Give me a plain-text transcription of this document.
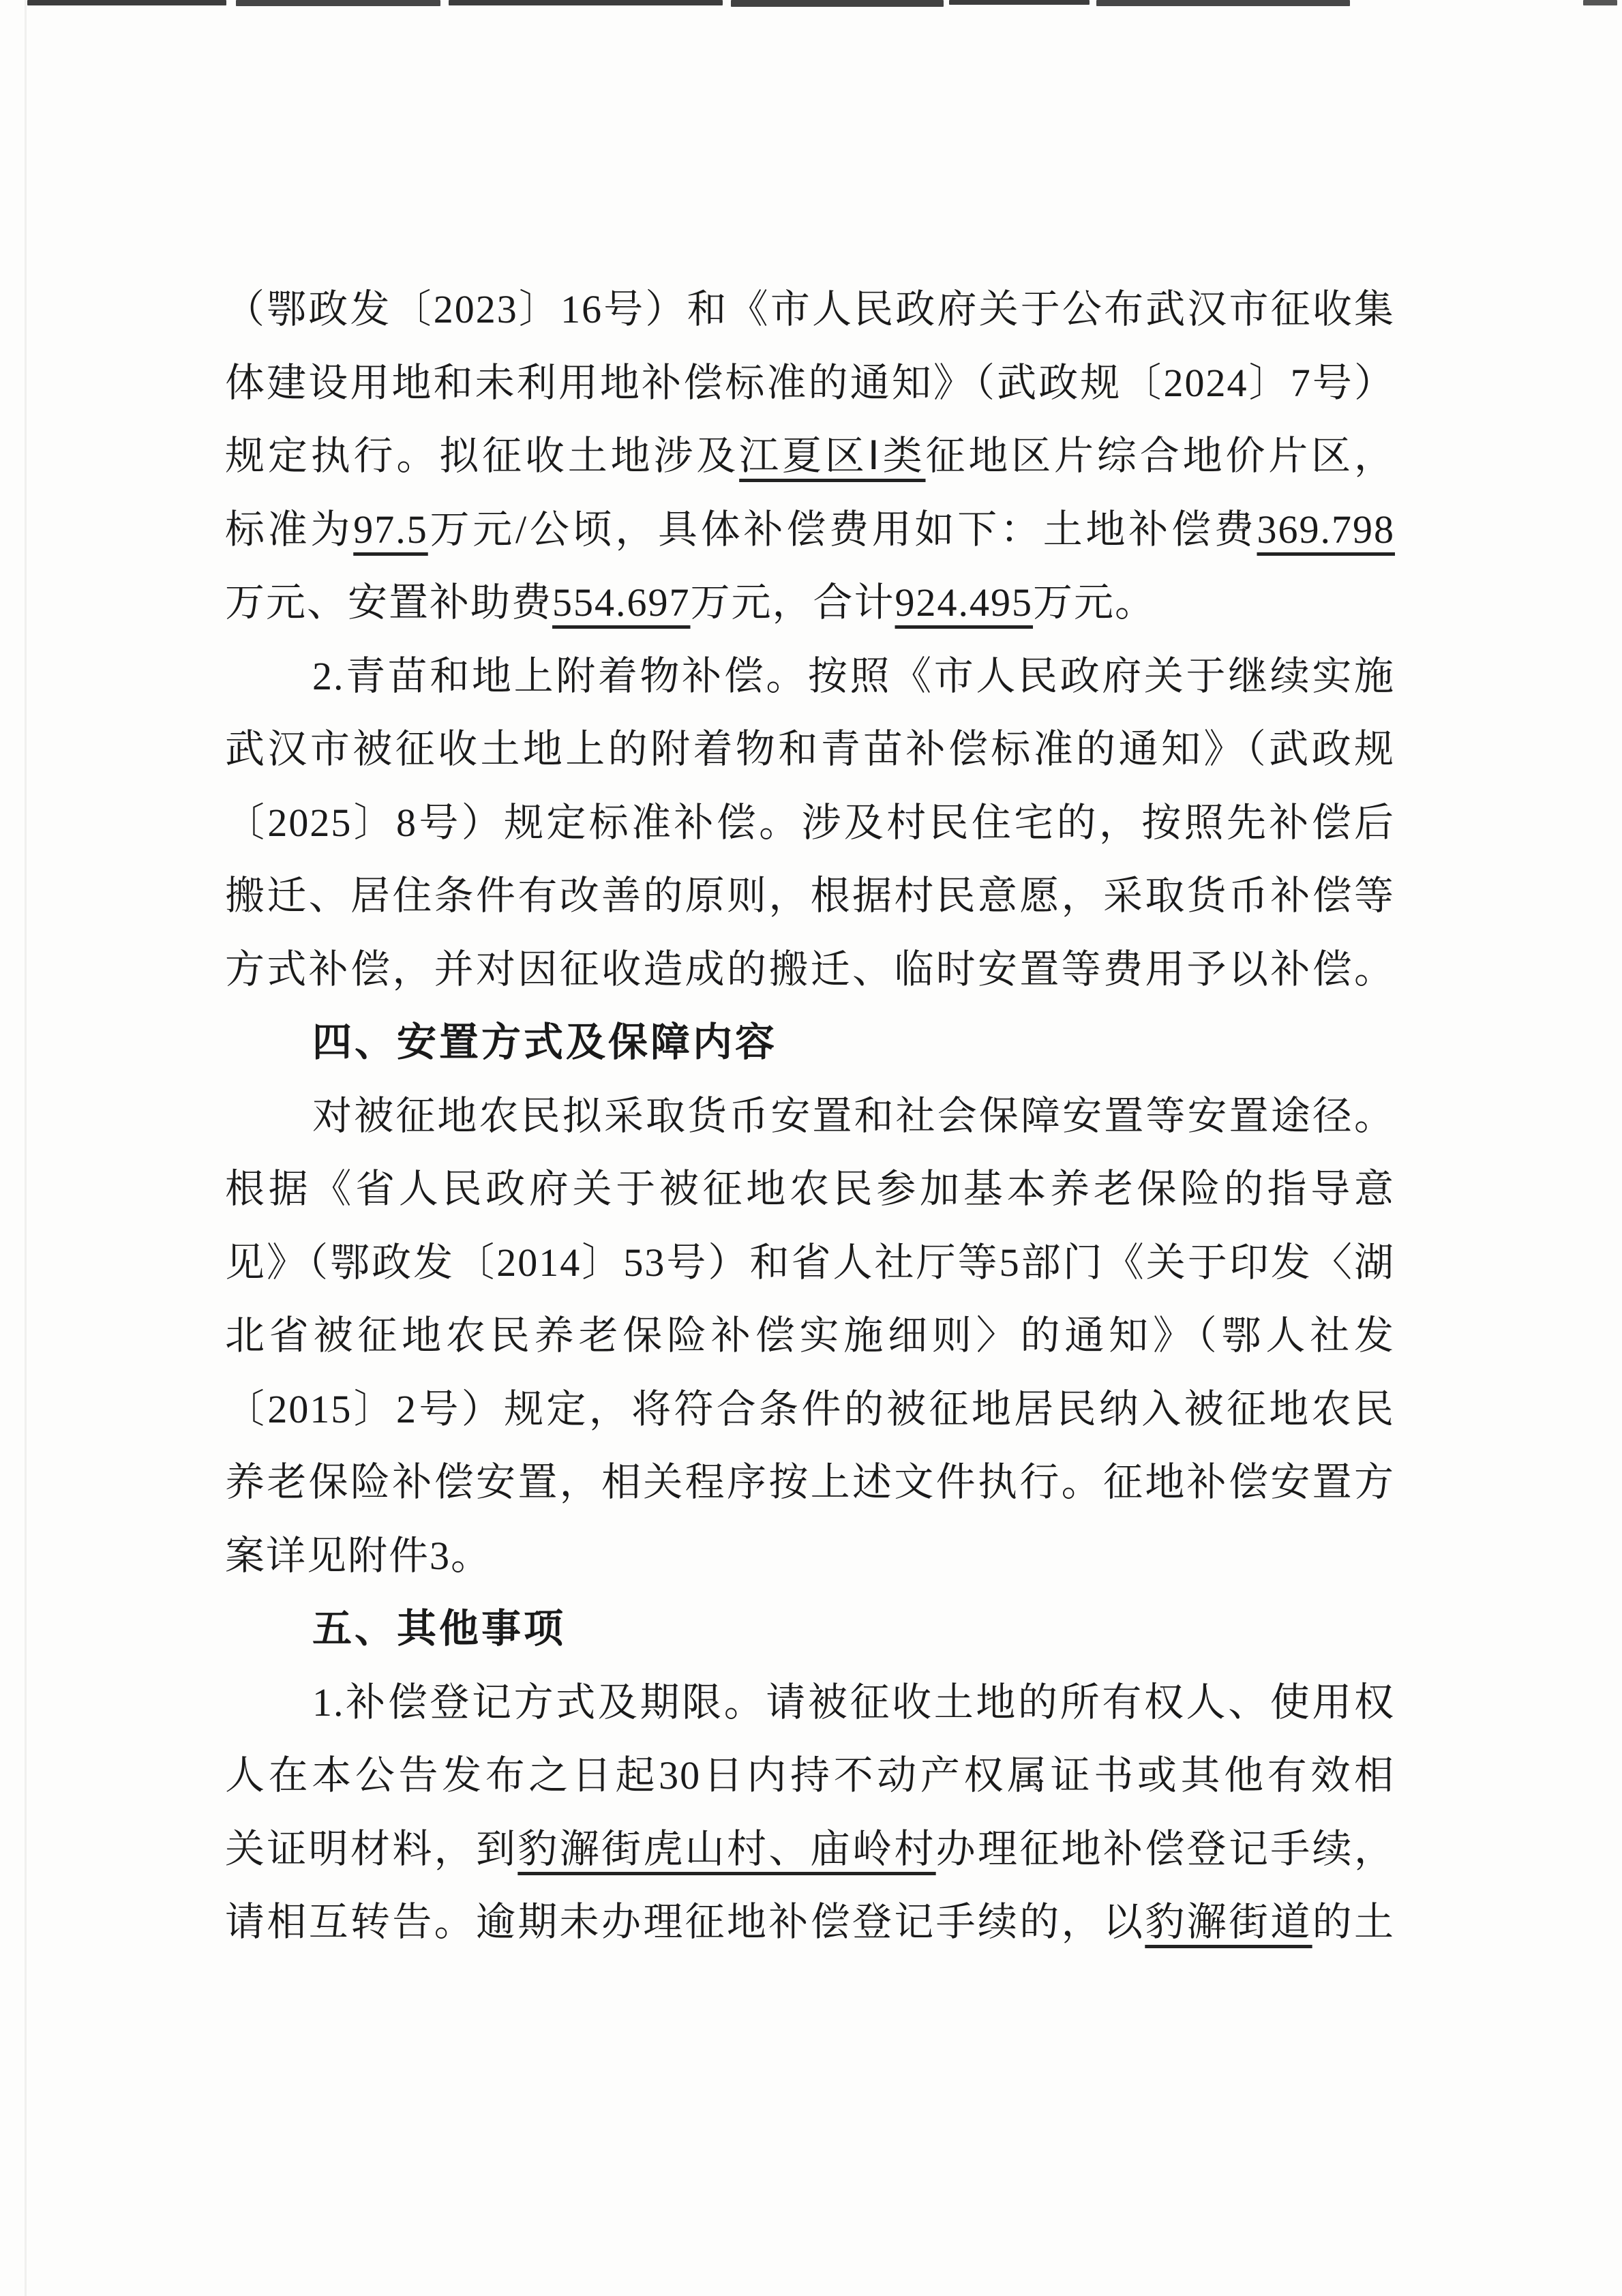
（鄂政发〔2023〕16号）和《市人民政府关于公布武汉市征收集
体建设用地和未利用地补偿标准的通知》（武政规〔2024〕7号）
规定执行。拟征收土地涉及江夏区Ⅰ类征地区片综合地价片区，
标准为97.5万元/公顷，具体补偿费用如下：土地补偿费369.798
万元、安置补助费554.697万元，合计924.495万元。
2.青苗和地上附着物补偿。按照《市人民政府关于继续实施
武汉市被征收土地上的附着物和青苗补偿标准的通知》（武政规
〔2025〕8号）规定标准补偿。涉及村民住宅的，按照先补偿后
搬迁、居住条件有改善的原则，根据村民意愿，采取货币补偿等
方式补偿，并对因征收造成的搬迁、临时安置等费用予以补偿。
四、安置方式及保障内容
对被征地农民拟采取货币安置和社会保障安置等安置途径。
根据《省人民政府关于被征地农民参加基本养老保险的指导意
见》（鄂政发〔2014〕53号）和省人社厅等5部门《关于印发〈湖
北省被征地农民养老保险补偿实施细则〉的通知》（鄂人社发
〔2015〕2号）规定，将符合条件的被征地居民纳入被征地农民
养老保险补偿安置，相关程序按上述文件执行。征地补偿安置方
案详见附件3。
五、其他事项
1.补偿登记方式及期限。请被征收土地的所有权人、使用权
人在本公告发布之日起30日内持不动产权属证书或其他有效相
关证明材料，到豹澥街虎山村、庙岭村办理征地补偿登记手续，
请相互转告。逾期未办理征地补偿登记手续的，以豹澥街道的土
